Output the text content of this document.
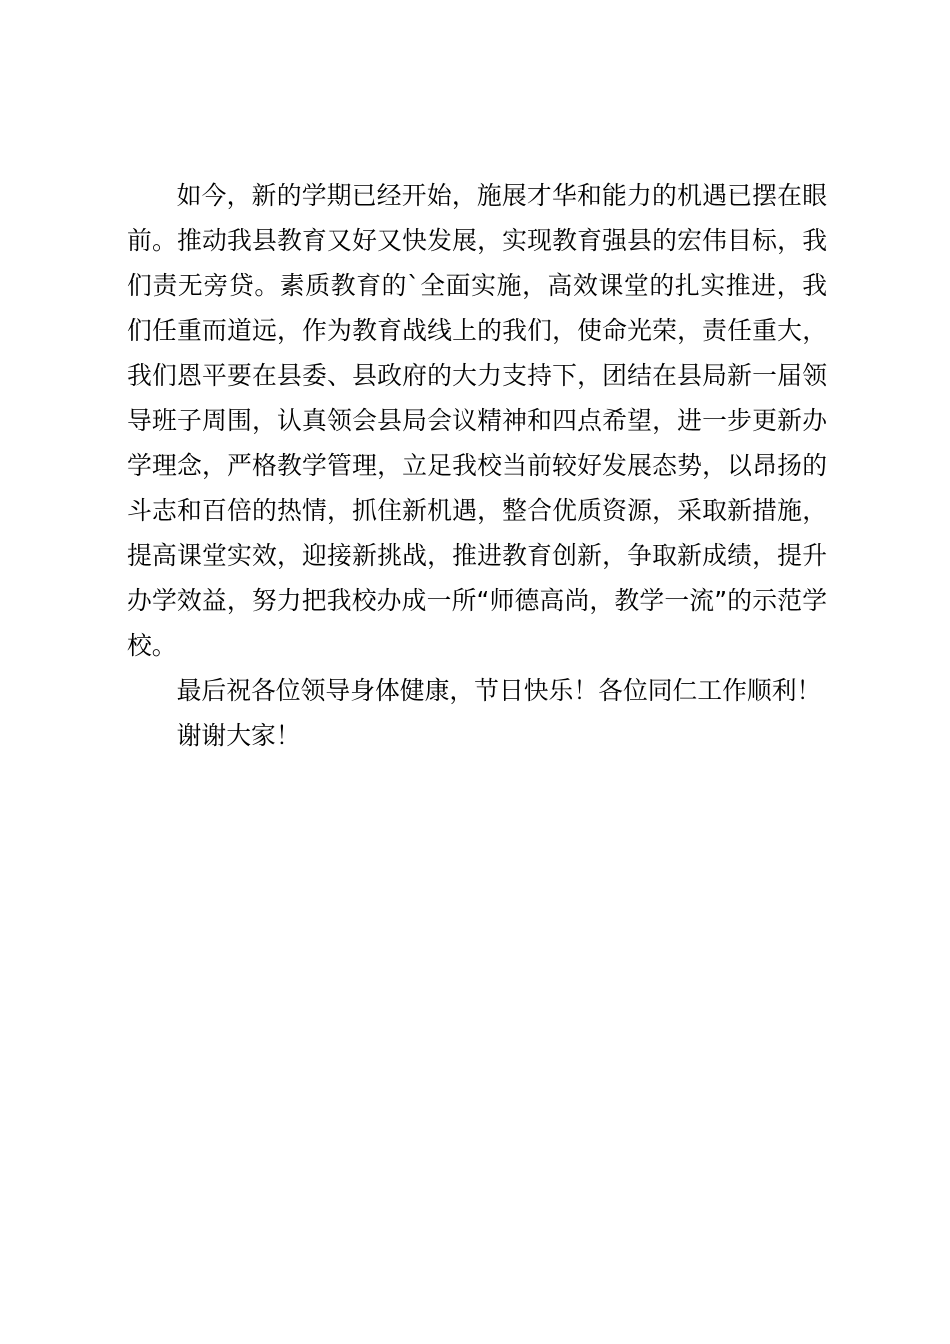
如今，新的学期已经开始，施展才华和能力的机遇已摆在眼前。推动我县教育又好又快发展，实现教育强县的宏伟目标，我们责无旁贷。素质教育的`全面实施，高效课堂的扎实推进，我们任重而道远，作为教育战线上的我们，使命光荣，责任重大，我们恩平要在县委、县政府的大力支持下，团结在县局新一届领导班子周围，认真领会县局会议精神和四点希望，进一步更新办学理念，严格教学管理，立足我校当前较好发展态势，以昂扬的斗志和百倍的热情，抓住新机遇，整合优质资源，采取新措施，提高课堂实效，迎接新挑战，推进教育创新，争取新成绩，提升办学效益，努力把我校办成一所“师德高尚，教学一流”的示范学校。

最后祝各位领导身体健康，节日快乐！各位同仁工作顺利！

谢谢大家！
